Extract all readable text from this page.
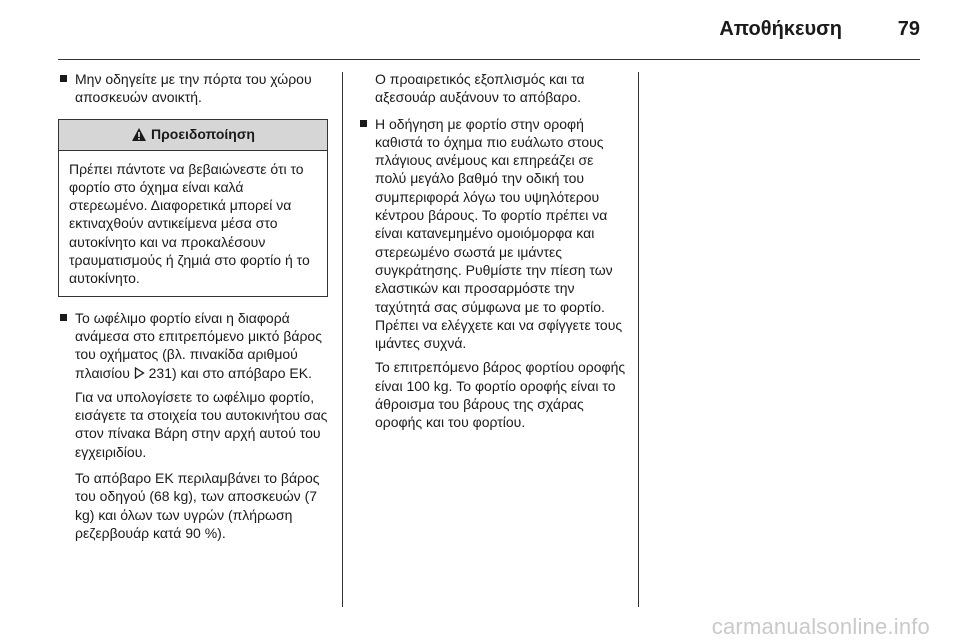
Αποθήκευση	79
Μην οδηγείτε με την πόρτα του χώρου αποσκευών ανοικτή.
Προειδοποίηση
Πρέπει πάντοτε να βεβαιώνεστε ότι το φορτίο στο όχημα είναι καλά στερεωμένο. Διαφορετικά μπορεί να εκτιναχθούν αντικείμενα μέσα στο αυτοκίνητο και να προκαλέσουν τραυματισμούς ή ζημιά στο φορτίο ή το αυτοκίνητο.
Το ωφέλιμο φορτίο είναι η διαφορά ανάμεσα στο επιτρεπόμενο μικτό βάρος του οχήματος (βλ. πινακίδα αριθμού πλαισίου  231) και στο απόβαρο ΕΚ.

Για να υπολογίσετε το ωφέλιμο φορτίο, εισάγετε τα στοιχεία του αυτοκινήτου σας στον πίνακα Βάρη στην αρχή αυτού του εγχειριδίου.

Το απόβαρο ΕΚ περιλαμβάνει το βάρος του οδηγού (68 kg), των αποσκευών (7 kg) και όλων των υγρών (πλήρωση ρεζερβουάρ κατά 90 %).

Ο προαιρετικός εξοπλισμός και τα αξεσουάρ αυξάνουν το απόβαρο.

Η οδήγηση με φορτίο στην οροφή καθιστά το όχημα πιο ευάλωτο στους πλάγιους ανέμους και επηρεάζει σε πολύ μεγάλο βαθμό την οδική του συμπεριφορά λόγω του υψηλότερου κέντρου βάρους. Το φορτίο πρέπει να είναι κατανεμημένο ομοιόμορφα και στερεωμένο σωστά με ιμάντες συγκράτησης. Ρυθμίστε την πίεση των ελαστικών και προσαρμόστε την ταχύτητά σας σύμφωνα με το φορτίο. Πρέπει να ελέγχετε και να σφίγγετε τους ιμάντες συχνά.

Το επιτρεπόμενο βάρος φορτίου οροφής είναι 100 kg. Το φορτίο οροφής είναι το άθροισμα του βάρους της σχάρας οροφής και του φορτίου.

carmanualsonline.info
